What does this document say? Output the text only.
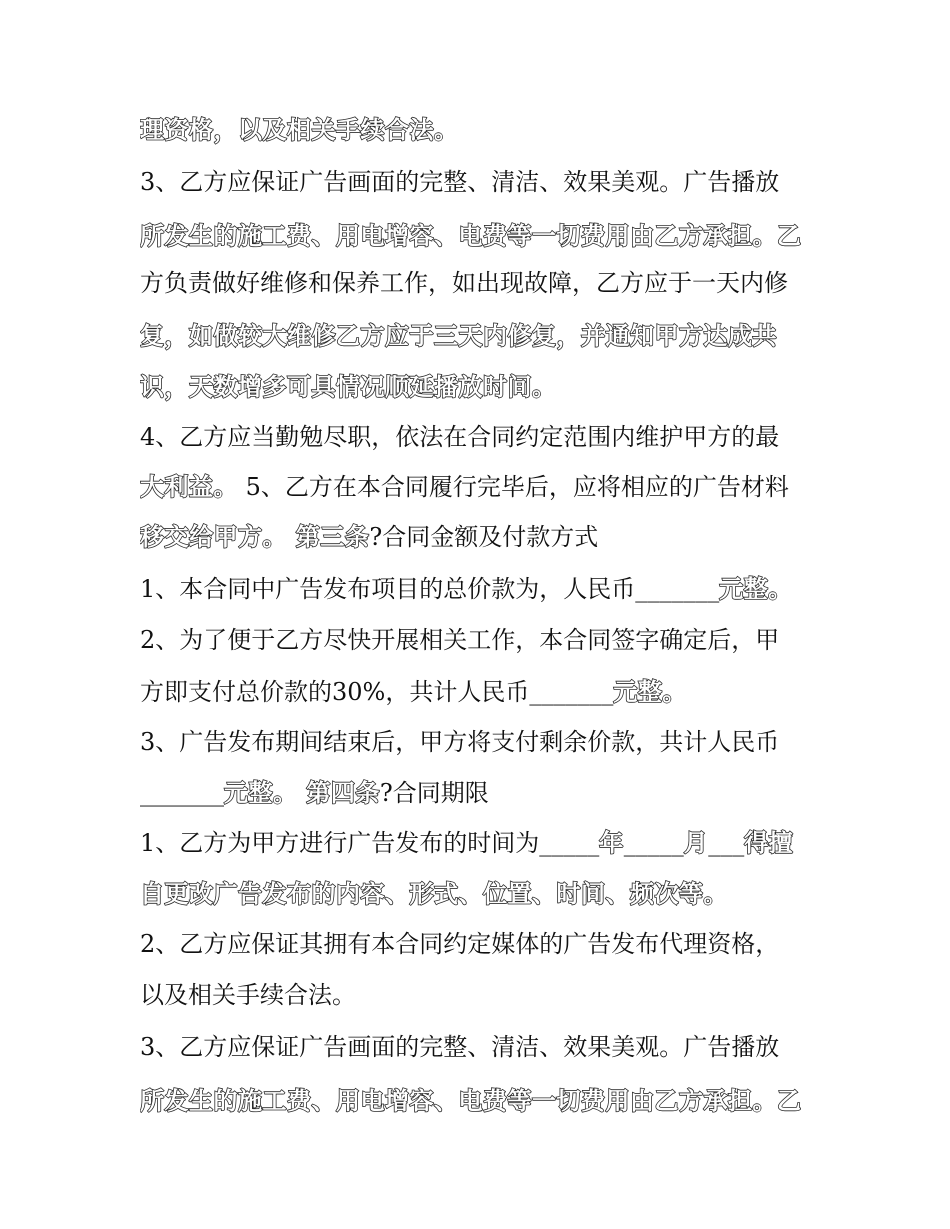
理资格，以及相关手续合法。
3、乙方应保证广告画面的完整、清洁、效果美观。广告播放
所发生的施工费、用电增容、电费等一切费用由乙方承担。乙
方负责做好维修和保养工作，如出现故障，乙方应于一天内修
复，如做较大维修乙方应于三天内修复，并通知甲方达成共
识，天数增多可具情况顺延播放时间。
4、乙方应当勤勉尽职，依法在合同约定范围内维护甲方的最
大利益。 5、乙方在本合同履行完毕后，应将相应的广告材料
移交给甲方。 第三条?合同金额及付款方式
1、本合同中广告发布项目的总价款为，人民币_______元整。
2、为了便于乙方尽快开展相关工作，本合同签字确定后，甲
方即支付总价款的30%，共计人民币_______元整。
3、广告发布期间结束后，甲方将支付剩余价款，共计人民币
_______元整。 第四条?合同期限
1、乙方为甲方进行广告发布的时间为_____年_____月___得擅
自更改广告发布的内容、形式、位置、时间、频次等。
2、乙方应保证其拥有本合同约定媒体的广告发布代理资格，
以及相关手续合法。
3、乙方应保证广告画面的完整、清洁、效果美观。广告播放
所发生的施工费、用电增容、电费等一切费用由乙方承担。乙
